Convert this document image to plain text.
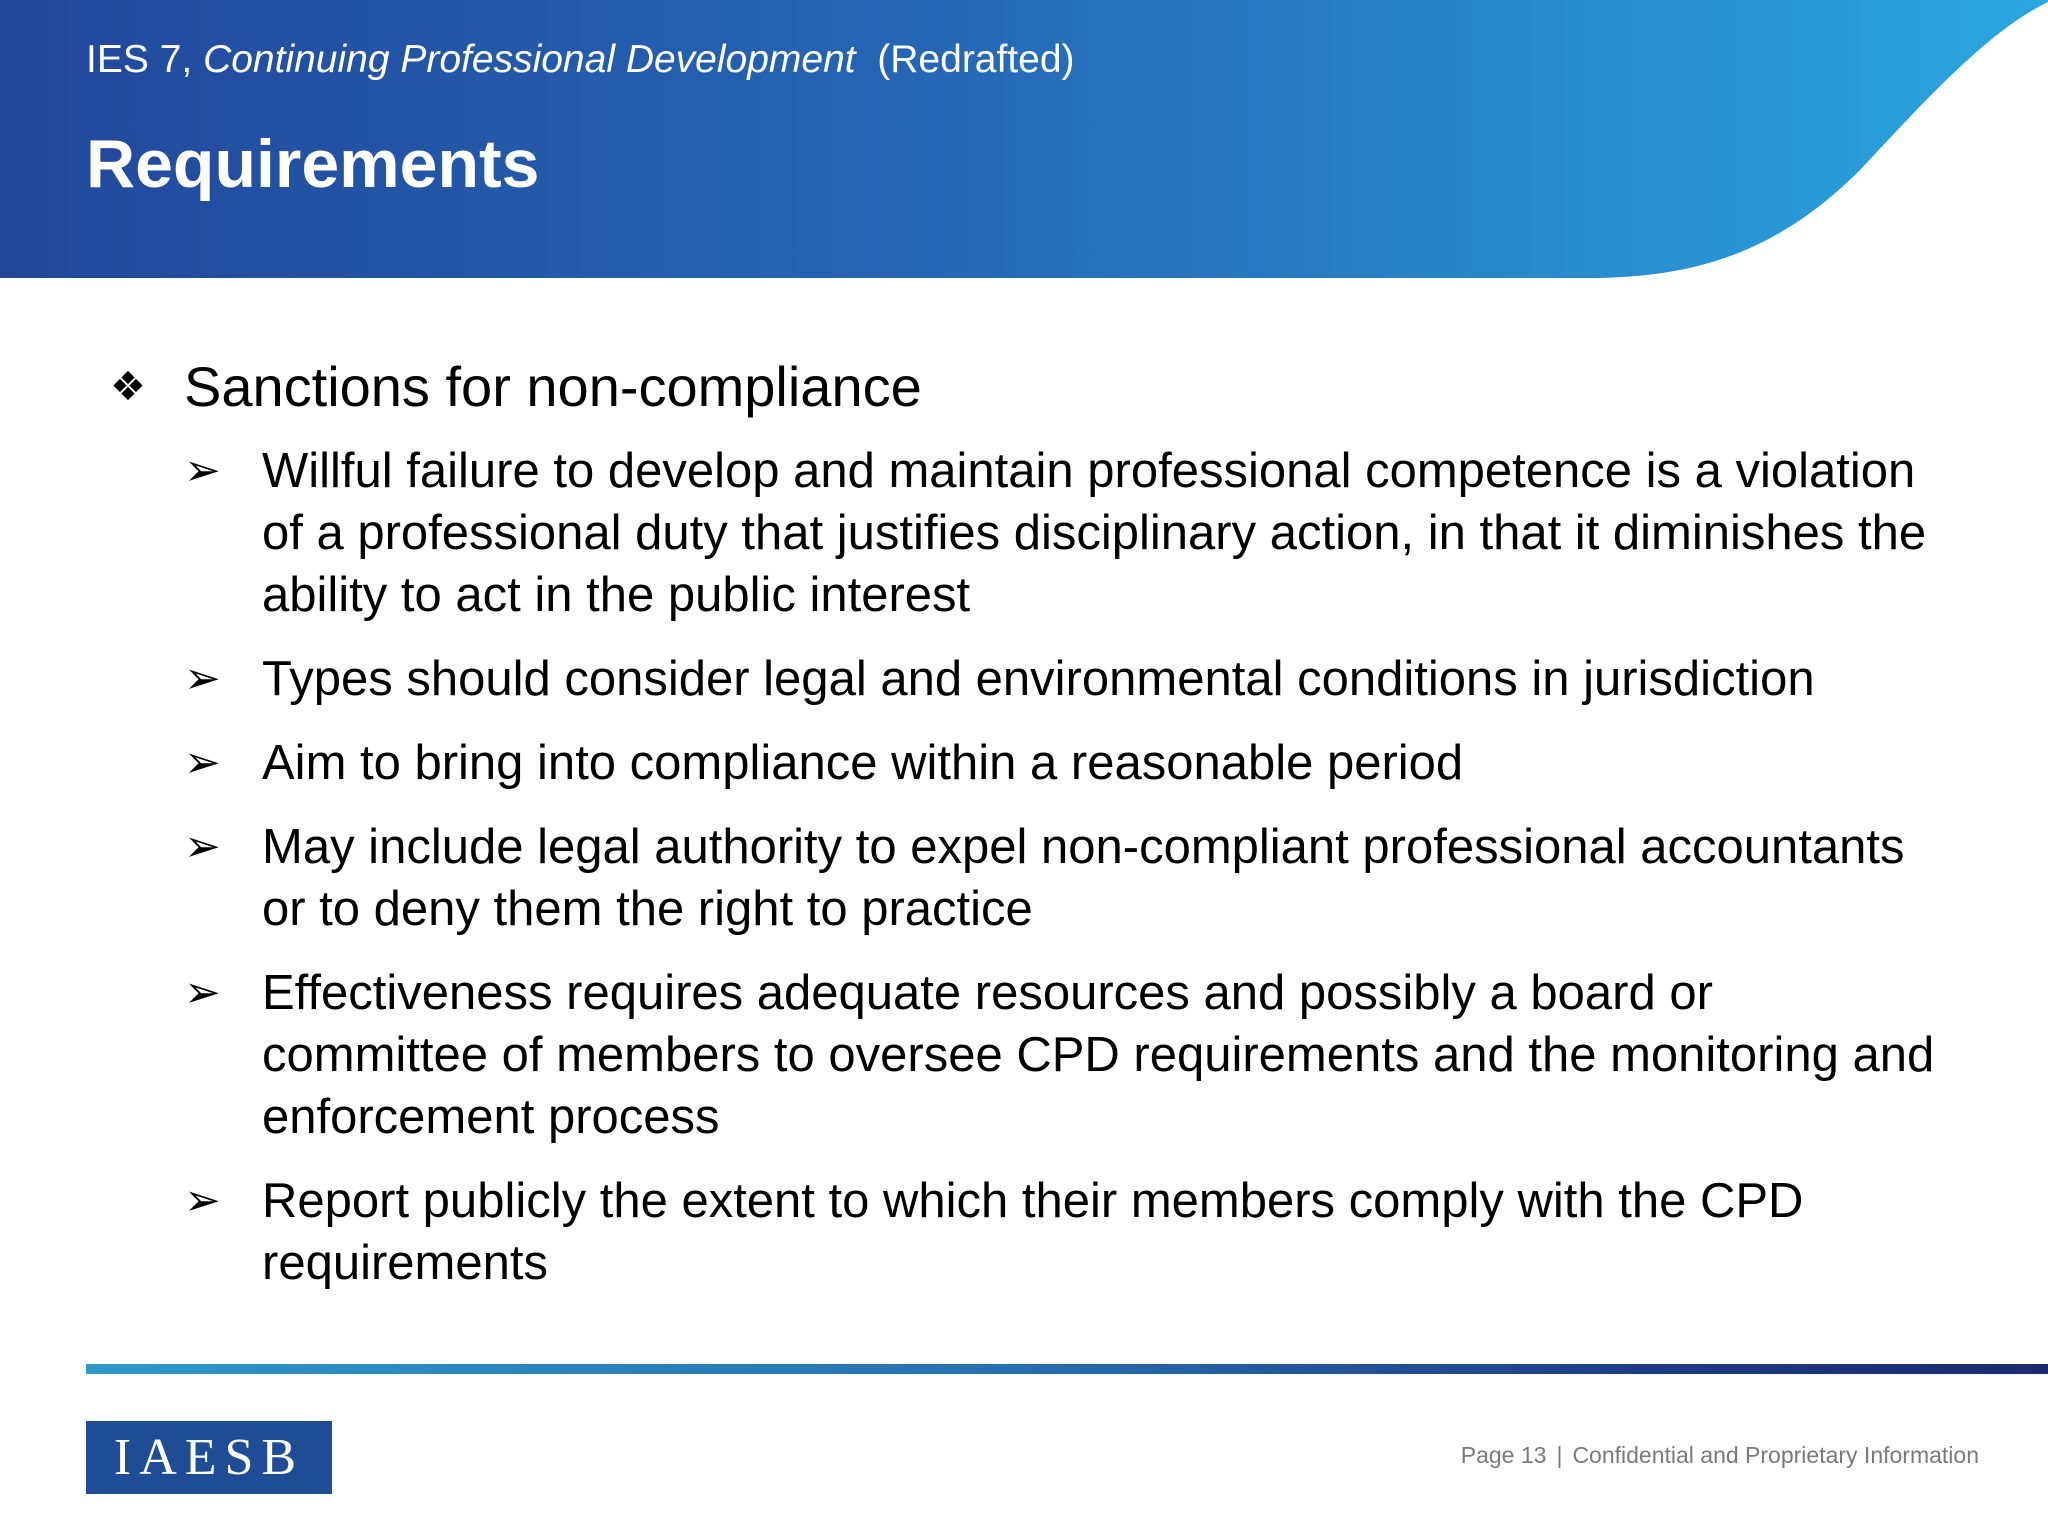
IES 7, Continuing Professional Development (Redrafted)
Requirements
❖ Sanctions for non-compliance
➢ Willful failure to develop and maintain professional competence is a violation of a professional duty that justifies disciplinary action, in that it diminishes the ability to act in the public interest
➢ Types should consider legal and environmental conditions in jurisdiction
➢ Aim to bring into compliance within a reasonable period
➢ May include legal authority to expel non-compliant professional accountants or to deny them the right to practice
➢ Effectiveness requires adequate resources and possibly a board or committee of members to oversee CPD requirements and the monitoring and enforcement process
➢ Report publicly the extent to which their members comply with the CPD requirements
IAESB	Page 13 | Confidential and Proprietary Information
